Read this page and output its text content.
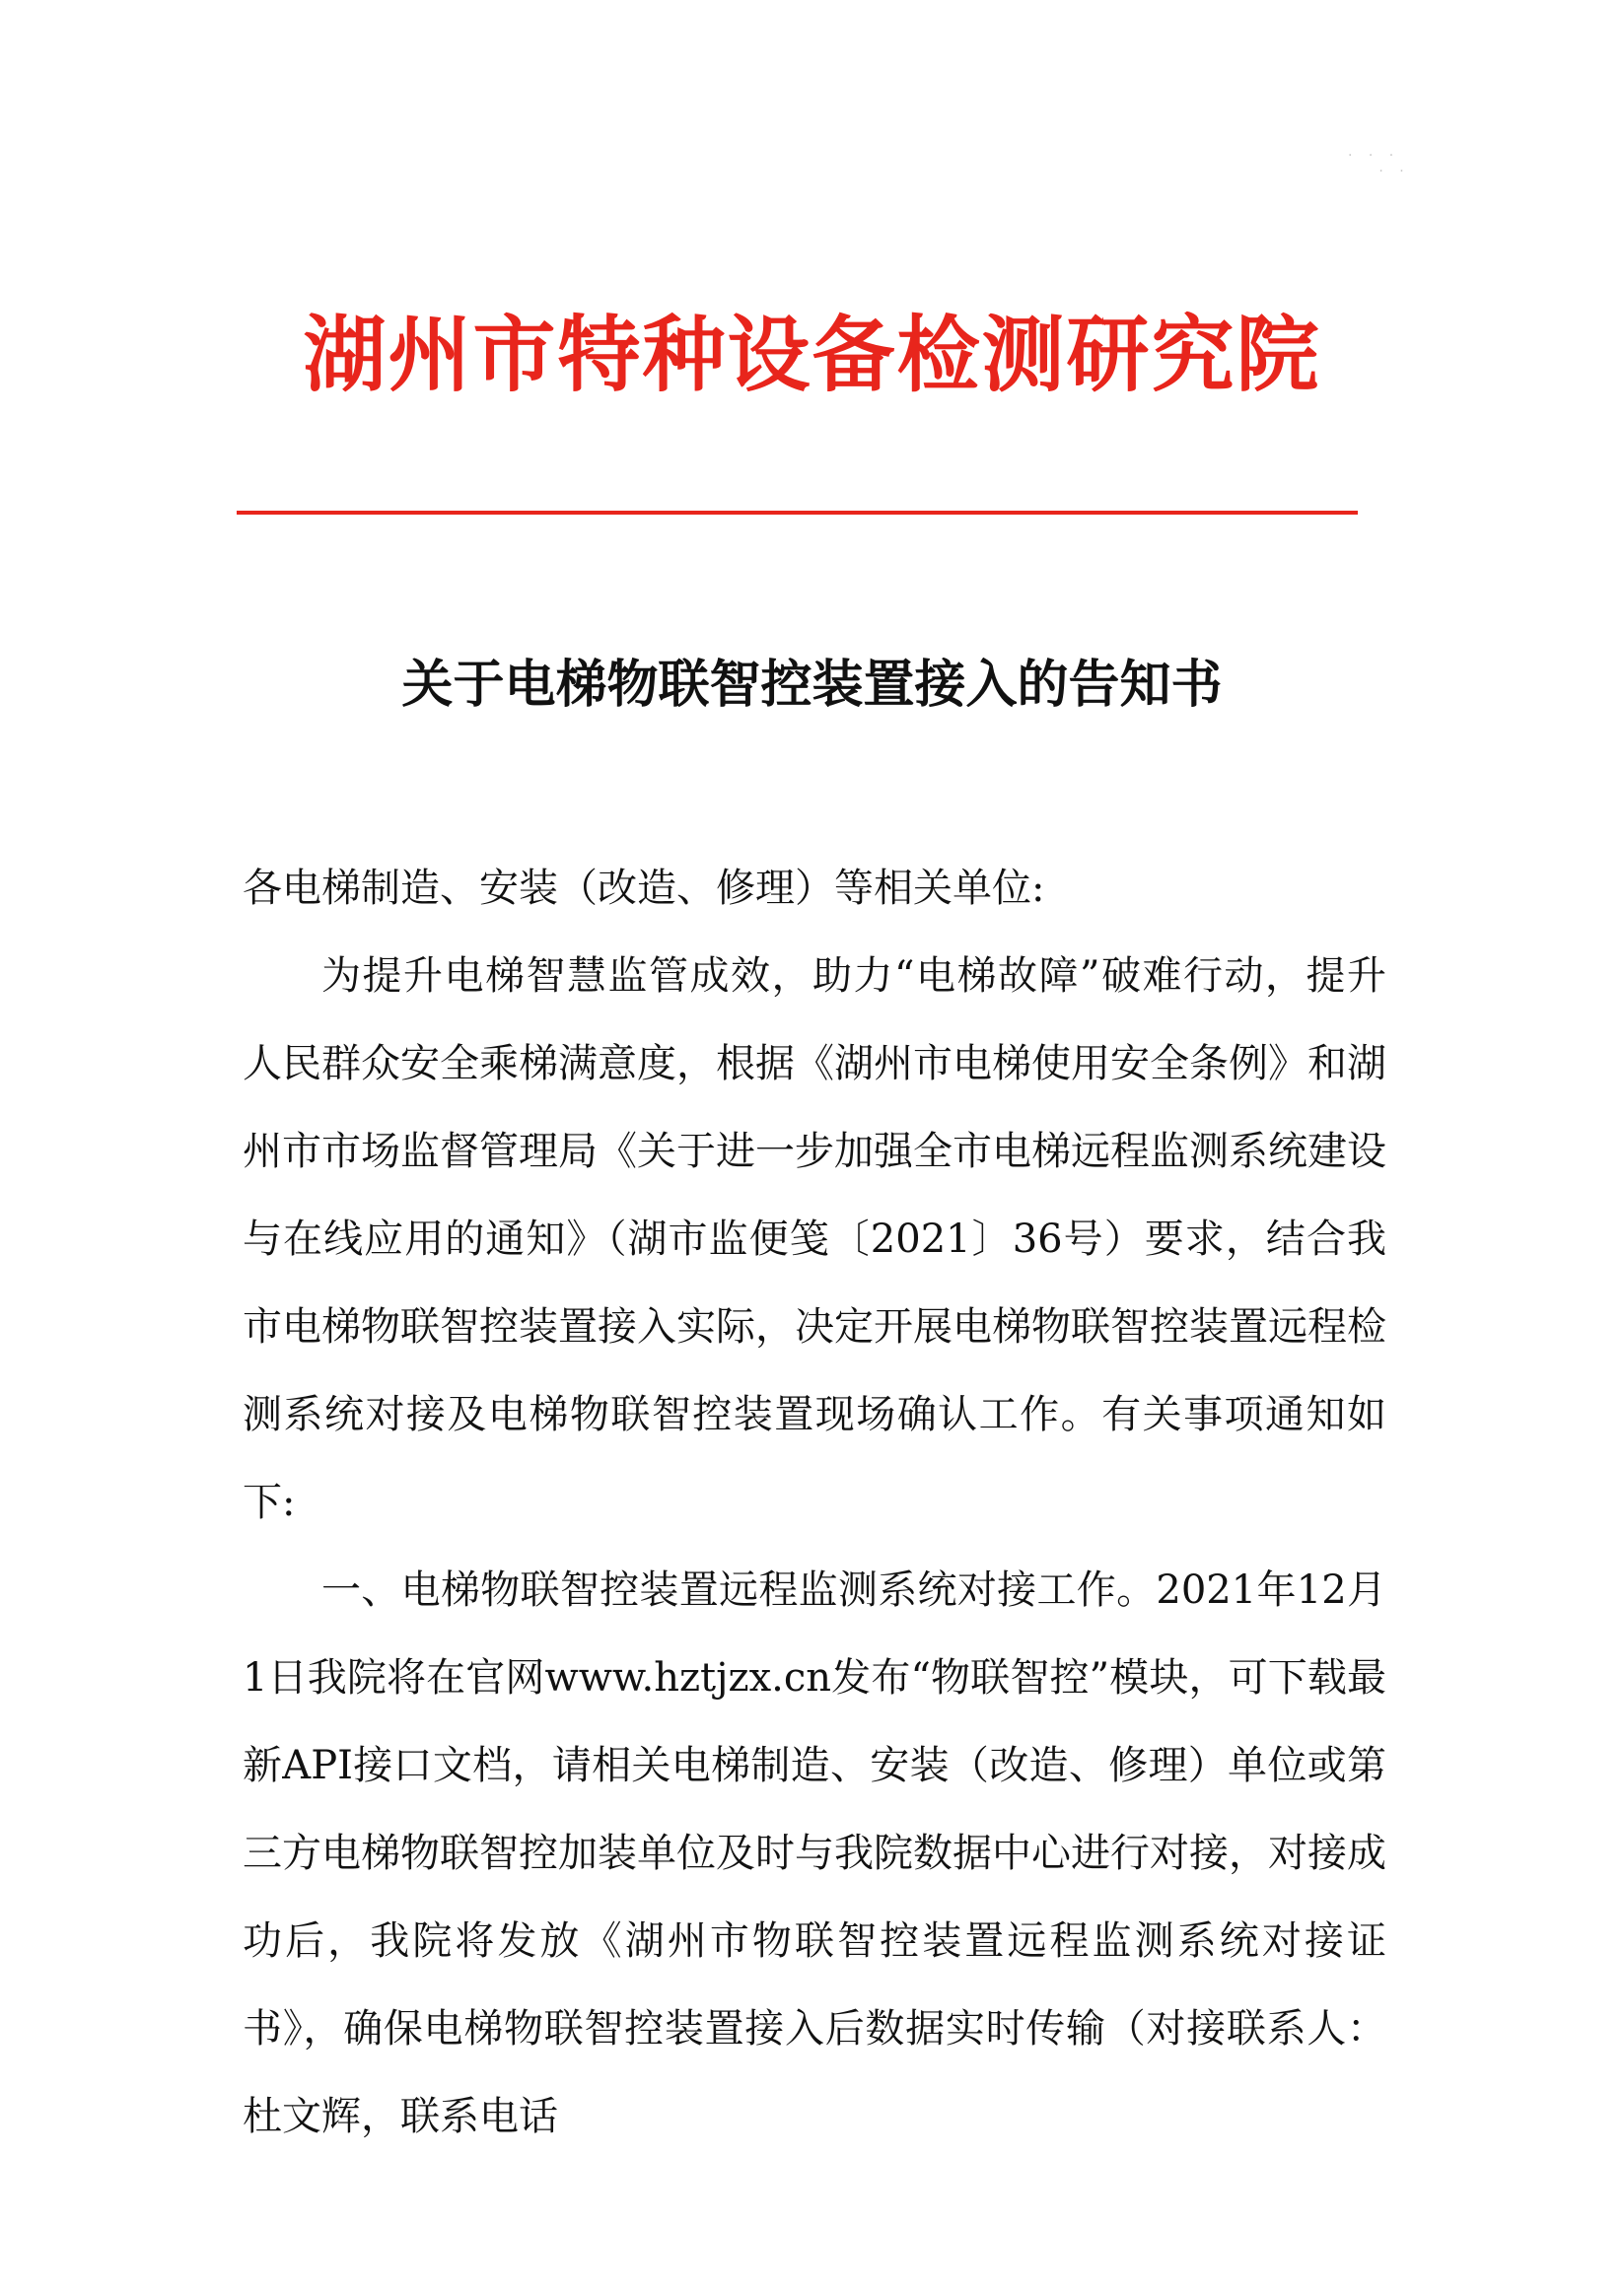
· · ·
· ·
湖州市特种设备检测研究院
关于电梯物联智控装置接入的告知书

各电梯制造、安装（改造、修理）等相关单位:

为提升电梯智慧监管成效，助力“电梯故障”破难行动，提升人民群众安全乘梯满意度，根据《湖州市电梯使用安全条例》和湖州市市场监督管理局《关于进一步加强全市电梯远程监测系统建设与在线应用的通知》（湖市监便笺〔2021〕36号）要求，结合我市电梯物联智控装置接入实际，决定开展电梯物联智控装置远程检测系统对接及电梯物联智控装置现场确认工作。有关事项通知如下:

一、电梯物联智控装置远程监测系统对接工作。2021年12月1日我院将在官网www.hztjzx.cn发布“物联智控”模块，可下载最新API接口文档，请相关电梯制造、安装（改造、修理）单位或第三方电梯物联智控加装单位及时与我院数据中心进行对接，对接成功后，我院将发放《湖州市物联智控装置远程监测系统对接证书》，确保电梯物联智控装置接入后数据实时传输（对接联系人：杜文辉，联系电话
